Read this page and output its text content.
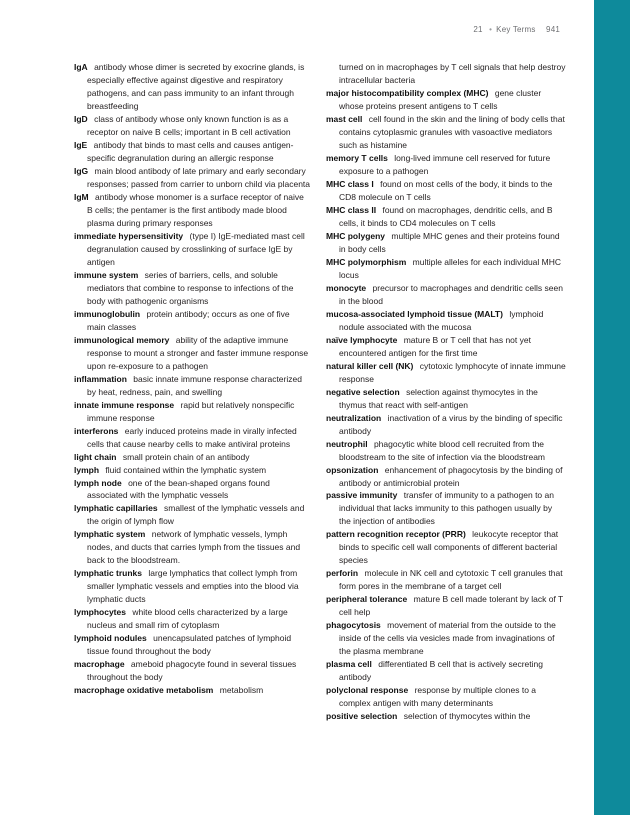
21 • Key Terms 941

IgA antibody whose dimer is secreted by exocrine glands, is especially effective against digestive and respiratory pathogens, and can pass immunity to an infant through breastfeeding

IgD class of antibody whose only known function is as a receptor on naive B cells; important in B cell activation

IgE antibody that binds to mast cells and causes antigen-specific degranulation during an allergic response

IgG main blood antibody of late primary and early secondary responses; passed from carrier to unborn child via placenta

IgM antibody whose monomer is a surface receptor of naive B cells; the pentamer is the first antibody made blood plasma during primary responses

immediate hypersensitivity (type I) IgE-mediated mast cell degranulation caused by crosslinking of surface IgE by antigen

immune system series of barriers, cells, and soluble mediators that combine to response to infections of the body with pathogenic organisms

immunoglobulin protein antibody; occurs as one of five main classes

immunological memory ability of the adaptive immune response to mount a stronger and faster immune response upon re-exposure to a pathogen

inflammation basic innate immune response characterized by heat, redness, pain, and swelling

innate immune response rapid but relatively nonspecific immune response

interferons early induced proteins made in virally infected cells that cause nearby cells to make antiviral proteins

light chain small protein chain of an antibody

lymph fluid contained within the lymphatic system

lymph node one of the bean-shaped organs found associated with the lymphatic vessels

lymphatic capillaries smallest of the lymphatic vessels and the origin of lymph flow

lymphatic system network of lymphatic vessels, lymph nodes, and ducts that carries lymph from the tissues and back to the bloodstream.

lymphatic trunks large lymphatics that collect lymph from smaller lymphatic vessels and empties into the blood via lymphatic ducts

lymphocytes white blood cells characterized by a large nucleus and small rim of cytoplasm

lymphoid nodules unencapsulated patches of lymphoid tissue found throughout the body

macrophage ameboid phagocyte found in several tissues throughout the body

macrophage oxidative metabolism metabolism

turned on in macrophages by T cell signals that help destroy intracellular bacteria

major histocompatibility complex (MHC) gene cluster whose proteins present antigens to T cells

mast cell cell found in the skin and the lining of body cells that contains cytoplasmic granules with vasoactive mediators such as histamine

memory T cells long-lived immune cell reserved for future exposure to a pathogen

MHC class I found on most cells of the body, it binds to the CD8 molecule on T cells

MHC class II found on macrophages, dendritic cells, and B cells, it binds to CD4 molecules on T cells

MHC polygeny multiple MHC genes and their proteins found in body cells

MHC polymorphism multiple alleles for each individual MHC locus

monocyte precursor to macrophages and dendritic cells seen in the blood

mucosa-associated lymphoid tissue (MALT) lymphoid nodule associated with the mucosa

naïve lymphocyte mature B or T cell that has not yet encountered antigen for the first time

natural killer cell (NK) cytotoxic lymphocyte of innate immune response

negative selection selection against thymocytes in the thymus that react with self-antigen

neutralization inactivation of a virus by the binding of specific antibody

neutrophil phagocytic white blood cell recruited from the bloodstream to the site of infection via the bloodstream

opsonization enhancement of phagocytosis by the binding of antibody or antimicrobial protein

passive immunity transfer of immunity to a pathogen to an individual that lacks immunity to this pathogen usually by the injection of antibodies

pattern recognition receptor (PRR) leukocyte receptor that binds to specific cell wall components of different bacterial species

perforin molecule in NK cell and cytotoxic T cell granules that form pores in the membrane of a target cell

peripheral tolerance mature B cell made tolerant by lack of T cell help

phagocytosis movement of material from the outside to the inside of the cells via vesicles made from invaginations of the plasma membrane

plasma cell differentiated B cell that is actively secreting antibody

polyclonal response response by multiple clones to a complex antigen with many determinants

positive selection selection of thymocytes within the
